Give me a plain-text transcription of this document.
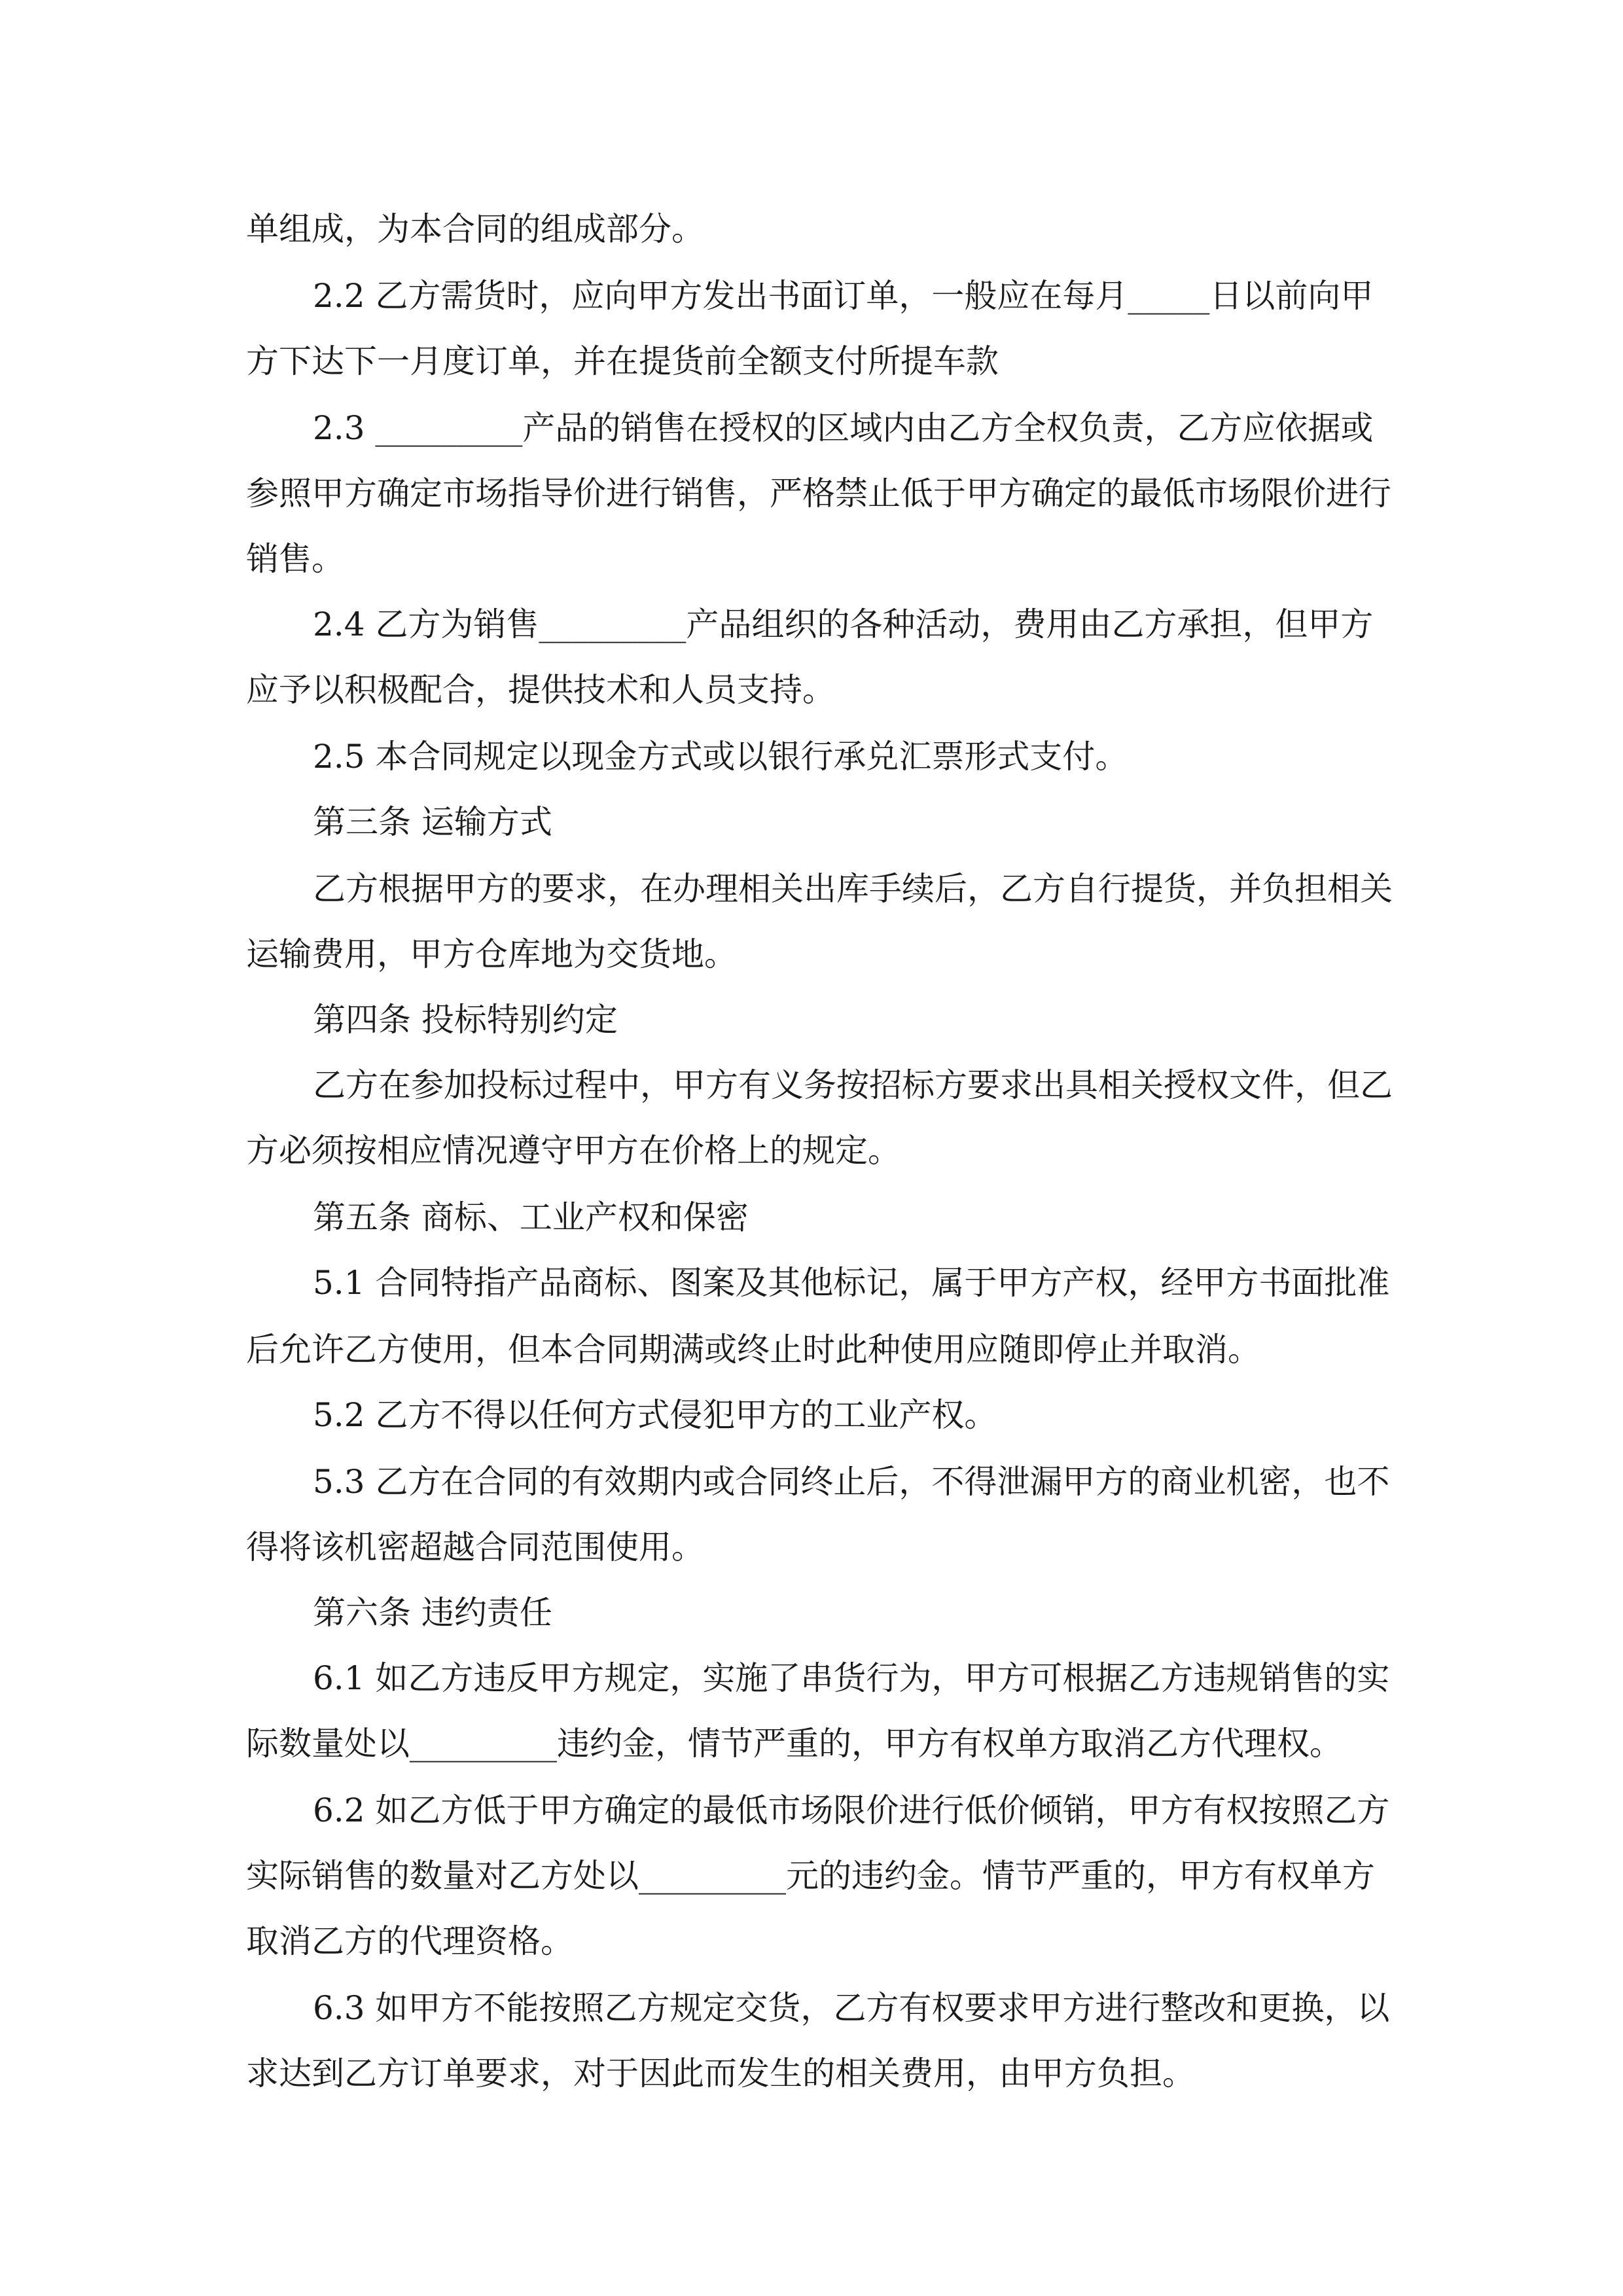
单组成，为本合同的组成部分。
2.2 乙方需货时，应向甲方发出书面订单，一般应在每月_____日以前向甲
方下达下一月度订单，并在提货前全额支付所提车款
2.3 _________产品的销售在授权的区域内由乙方全权负责，乙方应依据或
参照甲方确定市场指导价进行销售，严格禁止低于甲方确定的最低市场限价进行
销售。
2.4 乙方为销售_________产品组织的各种活动，费用由乙方承担，但甲方
应予以积极配合，提供技术和人员支持。
2.5 本合同规定以现金方式或以银行承兑汇票形式支付。
第三条 运输方式
乙方根据甲方的要求，在办理相关出库手续后，乙方自行提货，并负担相关
运输费用，甲方仓库地为交货地。
第四条 投标特别约定
乙方在参加投标过程中，甲方有义务按招标方要求出具相关授权文件，但乙
方必须按相应情况遵守甲方在价格上的规定。
第五条 商标、工业产权和保密
5.1 合同特指产品商标、图案及其他标记，属于甲方产权，经甲方书面批准
后允许乙方使用，但本合同期满或终止时此种使用应随即停止并取消。
5.2 乙方不得以任何方式侵犯甲方的工业产权。
5.3 乙方在合同的有效期内或合同终止后，不得泄漏甲方的商业机密，也不
得将该机密超越合同范围使用。
第六条 违约责任
6.1 如乙方违反甲方规定，实施了串货行为，甲方可根据乙方违规销售的实
际数量处以_________违约金，情节严重的，甲方有权单方取消乙方代理权。
6.2 如乙方低于甲方确定的最低市场限价进行低价倾销，甲方有权按照乙方
实际销售的数量对乙方处以_________元的违约金。情节严重的，甲方有权单方
取消乙方的代理资格。
6.3 如甲方不能按照乙方规定交货，乙方有权要求甲方进行整改和更换，以
求达到乙方订单要求，对于因此而发生的相关费用，由甲方负担。
